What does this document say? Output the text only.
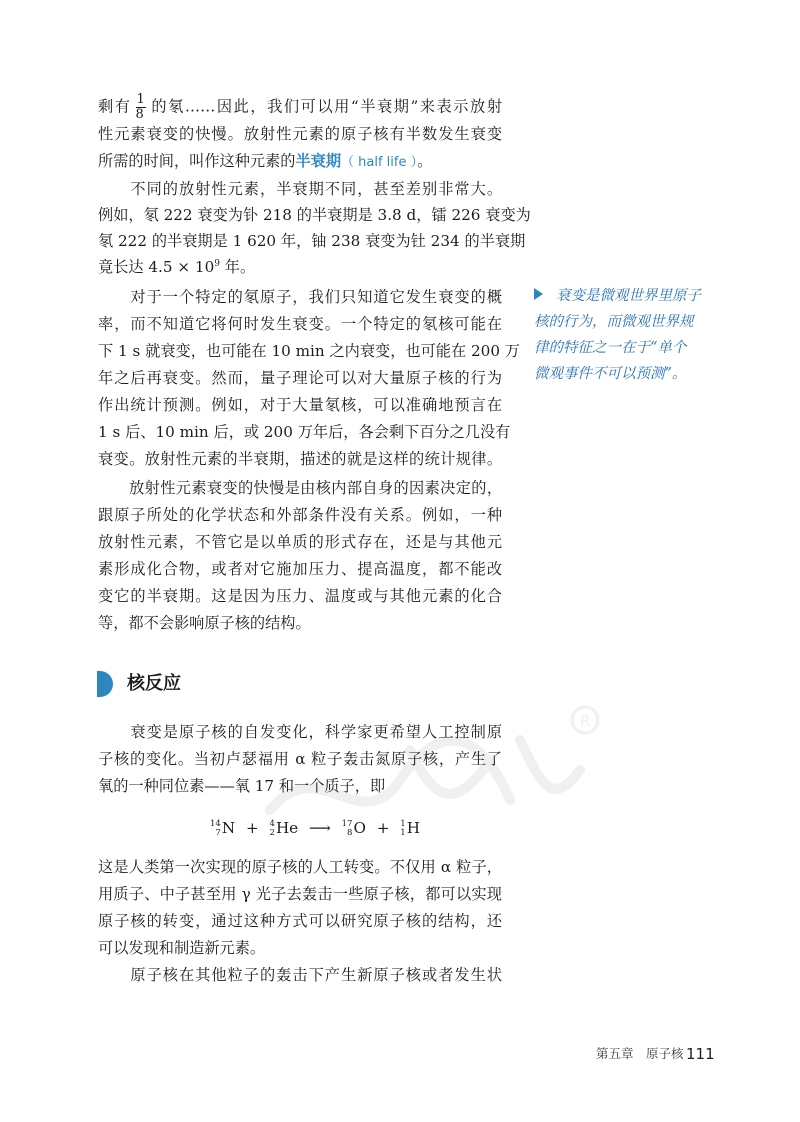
剩有 $\frac{1}{8}$ 的氡……因此，我们可以用“半衰期”来表示放射
性元素衰变的快慢。放射性元素的原子核有半数发生衰变
所需的时间，叫作这种元素的半衰期（ half life ）。
　　不同的放射性元素，半衰期不同，甚至差别非常大。
例如，氡 222 衰变为钋 218 的半衰期是 3.8 d，镭 226 衰变为
氡 222 的半衰期是 1 620 年，铀 238 衰变为钍 234 的半衰期
竟长达 $4.5 \times 10^9$ 年。
　　对于一个特定的氡原子，我们只知道它发生衰变的概
率，而不知道它将何时发生衰变。一个特定的氡核可能在
下 1 s 就衰变，也可能在 10 min 之内衰变，也可能在 200 万
年之后再衰变。然而，量子理论可以对大量原子核的行为
作出统计预测。例如，对于大量氡核，可以准确地预言在
1 s 后、10 min 后，或 200 万年后，各会剩下百分之几没有
衰变。放射性元素的半衰期，描述的就是这样的统计规律。
　　放射性元素衰变的快慢是由核内部自身的因素决定的，
跟原子所处的化学状态和外部条件没有关系。例如，一种
放射性元素，不管它是以单质的形式存在，还是与其他元
素形成化合物，或者对它施加压力、提高温度，都不能改
变它的半衰期。这是因为压力、温度或与其他元素的化合
等，都不会影响原子核的结构。
衰变是微观世界里原子
核的行为，而微观世界规
律的特征之一在于“单个
微观事件不可以预测”。
核反应
R
　　衰变是原子核的自发变化，科学家更希望人工控制原
子核的变化。当初卢瑟福用 α 粒子轰击氮原子核，产生了
氧的一种同位素——氧 17 和一个质子，即
14
7 N + 4
2 He ⟶ 17
8 O + 1
1 H
这是人类第一次实现的原子核的人工转变。不仅用 α 粒子，
用质子、中子甚至用 γ 光子去轰击一些原子核，都可以实现
原子核的转变，通过这种方式可以研究原子核的结构，还
可以发现和制造新元素。
　　原子核在其他粒子的轰击下产生新原子核或者发生状
第五章　原子核 111
